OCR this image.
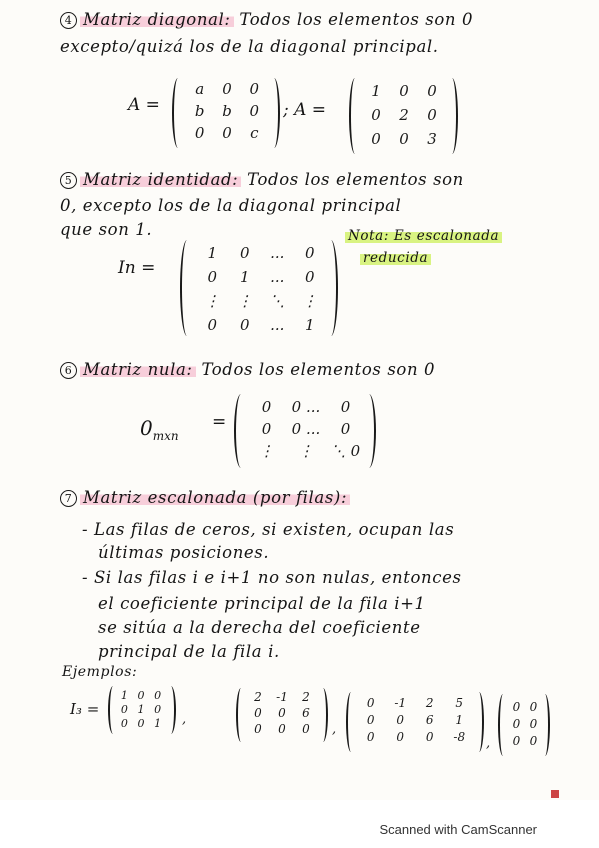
4 Matriz diagonal: Todos los elementos son 0
excepto/quizá los de la diagonal principal.
A =
a	0	0
b	b	0
0	0	c
; A =
1	0	0
0	2	0
0	0	3
5 Matriz identidad: Todos los elementos son
0, excepto los de la diagonal principal
que son 1.	Nota: Es escalonada
reducida
In =
1	0	...	0
0	1	...	0
⋮	⋮	⋱	⋮
0	0	...	1
6 Matriz nula: Todos los elementos son 0
$0_{mxn}$
=
0	0 ...	0
0	0 ...	0
⋮	⋮	⋱ 0
7 Matriz escalonada (por filas):
- Las filas de ceros, si existen, ocupan las
últimas posiciones.
- Si las filas i e i+1 no son nulas, entonces
el coeficiente principal de la fila i+1
se sitúa a la derecha del coeficiente
principal de la fila i.
Ejemplos:
I₃ =
1 0 0
0 1 0
0 0 1	,
2	-1	2
0	0	6
0	0	0	,
0	-1	2	5
0	0	6	1
0	0	0	-8	,
0 0
0 0
0 0
Scanned with CamScanner
